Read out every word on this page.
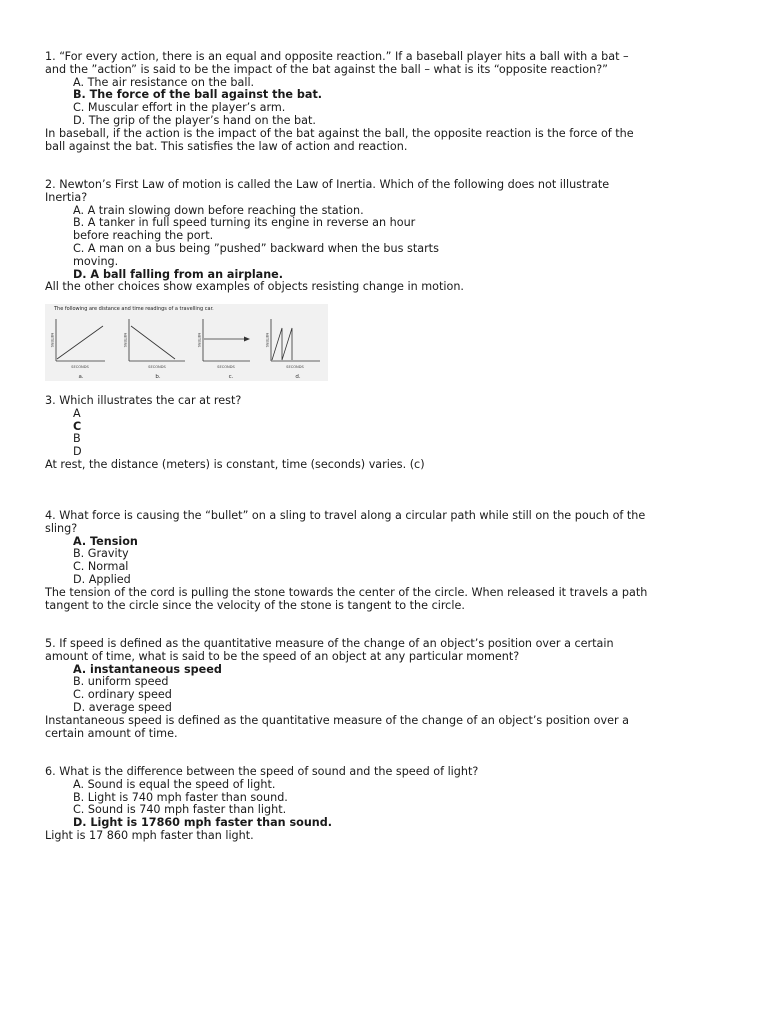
1. “For every action, there is an equal and opposite reaction.” If a baseball player hits a ball with a bat –
and the ”action” is said to be the impact of the bat against the ball – what is its “opposite reaction?”
A. The air resistance on the ball.
B. The force of the ball against the bat.
C. Muscular effort in the player’s arm.
D. The grip of the player’s hand on the bat.
In baseball, if the action is the impact of the bat against the ball, the opposite reaction is the force of the
ball against the bat. This satisfies the law of action and reaction.
2. Newton’s First Law of motion is called the Law of Inertia. Which of the following does not illustrate
Inertia?
A. A train slowing down before reaching the station.
B. A tanker in full speed turning its engine in reverse an hour
before reaching the port.
C. A man on a bus being ”pushed” backward when the bus starts
moving.
D. A ball falling from an airplane.
All the other choices show examples of objects resisting change in motion.
The following are distance and time readings of a travelling car.
METERS	METERS	METERS	METERS
SECONDS	SECONDS	SECONDS	SECONDS
a.	b.	c.	d.
3. Which illustrates the car at rest?
A
C
B
D
At rest, the distance (meters) is constant, time (seconds) varies. (c)
4. What force is causing the “bullet” on a sling to travel along a circular path while still on the pouch of the
sling?
A. Tension
B. Gravity
C. Normal
D. Applied
The tension of the cord is pulling the stone towards the center of the circle. When released it travels a path
tangent to the circle since the velocity of the stone is tangent to the circle.
5. If speed is defined as the quantitative measure of the change of an object’s position over a certain
amount of time, what is said to be the speed of an object at any particular moment?
A. instantaneous speed
B. uniform speed
C. ordinary speed
D. average speed
Instantaneous speed is defined as the quantitative measure of the change of an object’s position over a
certain amount of time.
6. What is the difference between the speed of sound and the speed of light?
A. Sound is equal the speed of light.
B. Light is 740 mph faster than sound.
C. Sound is 740 mph faster than light.
D. Light is 17860 mph faster than sound.
Light is 17 860 mph faster than light.
